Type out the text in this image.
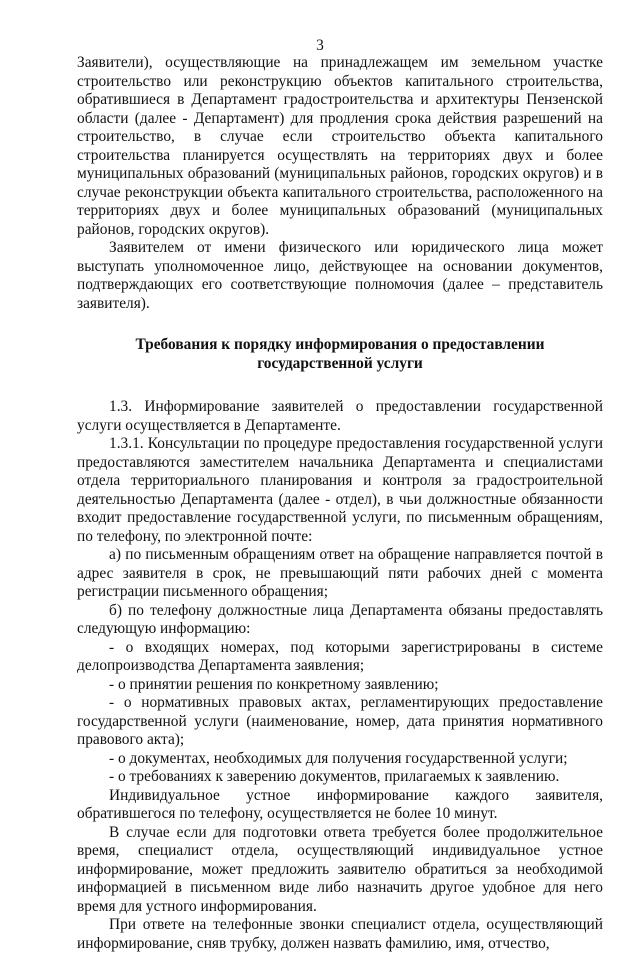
3

Заявители), осуществляющие на принадлежащем им земельном участке строительство или реконструкцию объектов капитального строительства, обратившиеся в Департамент градостроительства и архитектуры Пензенской области (далее - Департамент) для продления срока действия разрешений на строительство, в случае если строительство объекта капитального строительства планируется осуществлять на территориях двух и более муниципальных образований (муниципальных районов, городских округов) и в случае реконструкции объекта капитального строительства, расположенного на территориях двух и более муниципальных образований (муниципальных районов, городских округов).

Заявителем от имени физического или юридического лица может выступать уполномоченное лицо, действующее на основании документов, подтверждающих его соответствующие полномочия (далее – представитель заявителя).

Требования к порядку информирования о предоставлении государственной услуги

1.3. Информирование заявителей о предоставлении государственной услуги осуществляется в Департаменте.

1.3.1. Консультации по процедуре предоставления государственной услуги предоставляются заместителем начальника Департамента и специалистами отдела территориального планирования и контроля за градостроительной деятельностью Департамента (далее - отдел), в чьи должностные обязанности входит предоставление государственной услуги, по письменным обращениям, по телефону, по электронной почте:

а) по письменным обращениям ответ на обращение направляется почтой в адрес заявителя в срок, не превышающий пяти рабочих дней с момента регистрации письменного обращения;

б) по телефону должностные лица Департамента обязаны предоставлять следующую информацию:

- о входящих номерах, под которыми зарегистрированы в системе делопроизводства Департамента заявления;

- о принятии решения по конкретному заявлению;

- о нормативных правовых актах, регламентирующих предоставление государственной услуги (наименование, номер, дата принятия нормативного правового акта);

- о документах, необходимых для получения государственной услуги;

- о требованиях к заверению документов, прилагаемых к заявлению.

Индивидуальное устное информирование каждого заявителя, обратившегося по телефону, осуществляется не более 10 минут.

В случае если для подготовки ответа требуется более продолжительное время, специалист отдела, осуществляющий индивидуальное устное информирование, может предложить заявителю обратиться за необходимой информацией в письменном виде либо назначить другое удобное для него время для устного информирования.

При ответе на телефонные звонки специалист отдела, осуществляющий информирование, сняв трубку, должен назвать фамилию, имя, отчество,
